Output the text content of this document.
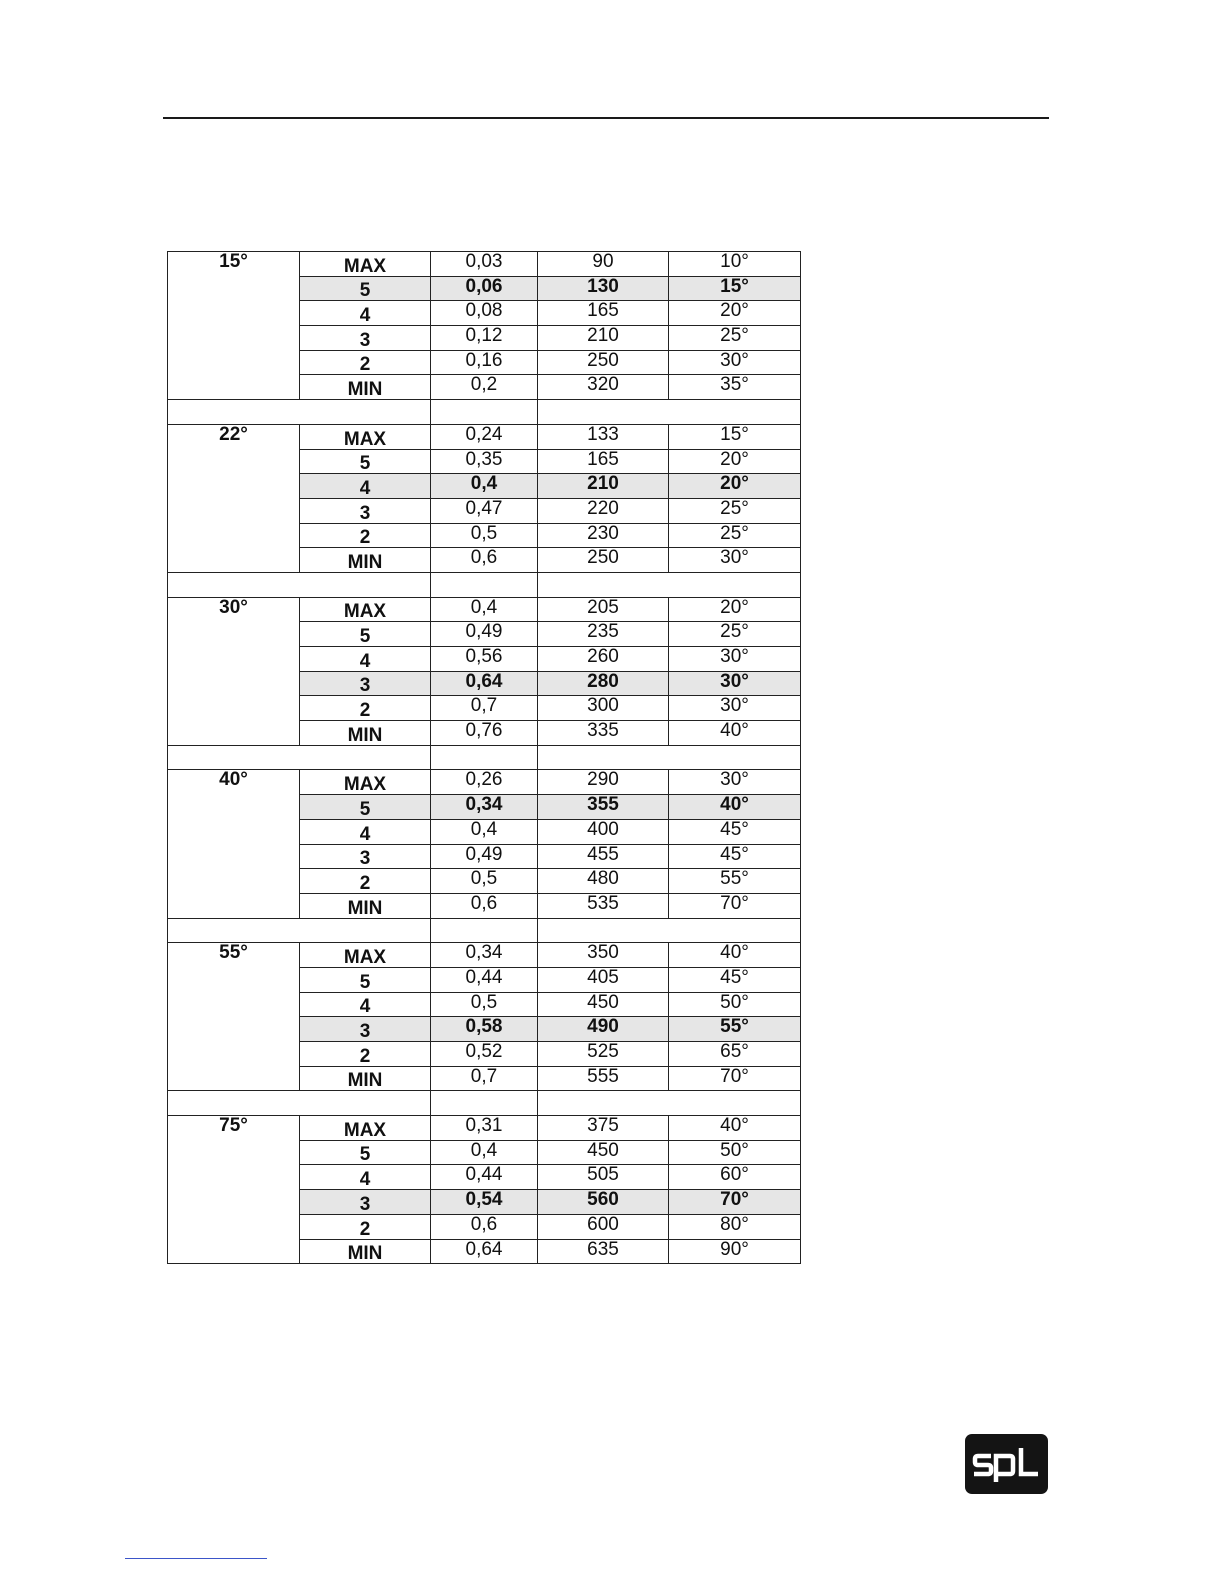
15°	MAX	0,03	90	10°
	5	0,06	130	15°
	4	0,08	165	20°
	3	0,12	210	25°
	2	0,16	250	30°
	MIN	0,2	320	35°

22°	MAX	0,24	133	15°
	5	0,35	165	20°
	4	0,4	210	20°
	3	0,47	220	25°
	2	0,5	230	25°
	MIN	0,6	250	30°

30°	MAX	0,4	205	20°
	5	0,49	235	25°
	4	0,56	260	30°
	3	0,64	280	30°
	2	0,7	300	30°
	MIN	0,76	335	40°

40°	MAX	0,26	290	30°
	5	0,34	355	40°
	4	0,4	400	45°
	3	0,49	455	45°
	2	0,5	480	55°
	MIN	0,6	535	70°

55°	MAX	0,34	350	40°
	5	0,44	405	45°
	4	0,5	450	50°
	3	0,58	490	55°
	2	0,52	525	65°
	MIN	0,7	555	70°

75°	MAX	0,31	375	40°
	5	0,4	450	50°
	4	0,44	505	60°
	3	0,54	560	70°
	2	0,6	600	80°
	MIN	0,64	635	90°
